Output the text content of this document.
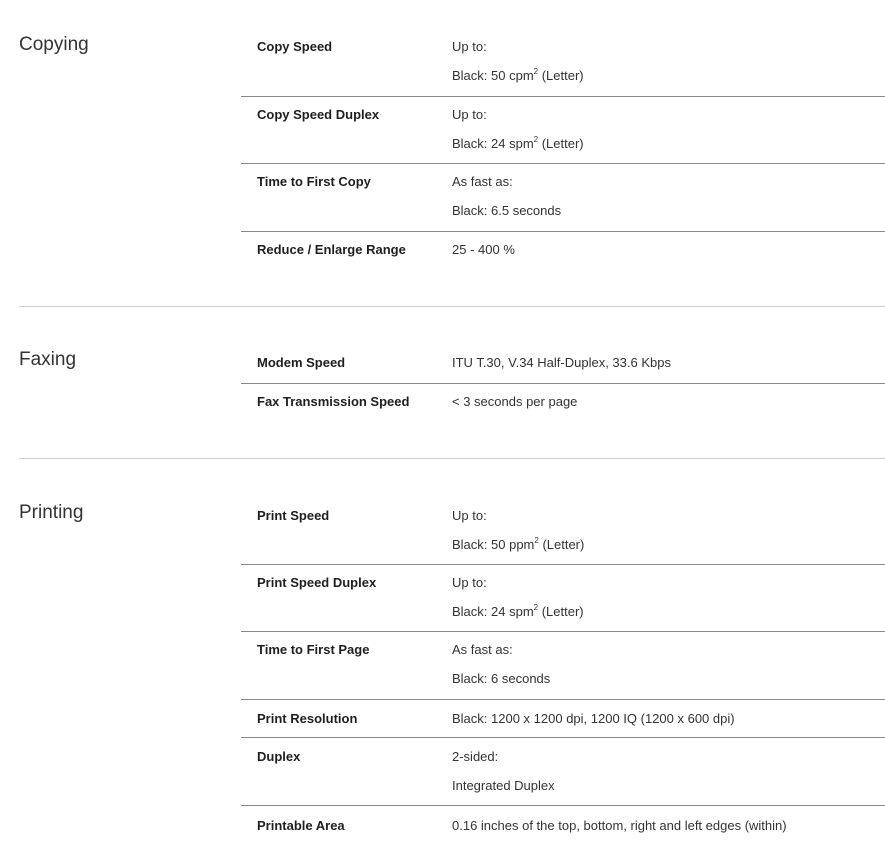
Copying	Copy Speed	Up to:
Black: 50 cpm$^2$ (Letter)
Copy Speed Duplex	Up to:
Black: 24 spm$^2$ (Letter)
Time to First Copy	As fast as:
Black: 6.5 seconds
Reduce / Enlarge Range	25 - 400 %
Faxing	Modem Speed	ITU T.30, V.34 Half-Duplex, 33.6 Kbps
Fax Transmission Speed	< 3 seconds per page
Printing	Print Speed	Up to:
Black: 50 ppm$^2$ (Letter)
Print Speed Duplex	Up to:
Black: 24 spm$^2$ (Letter)
Time to First Page	As fast as:
Black: 6 seconds
Print Resolution	Black: 1200 x 1200 dpi, 1200 IQ (1200 x 600 dpi)
Duplex	2-sided:
Integrated Duplex
Printable Area	0.16 inches of the top, bottom, right and left edges (within)
